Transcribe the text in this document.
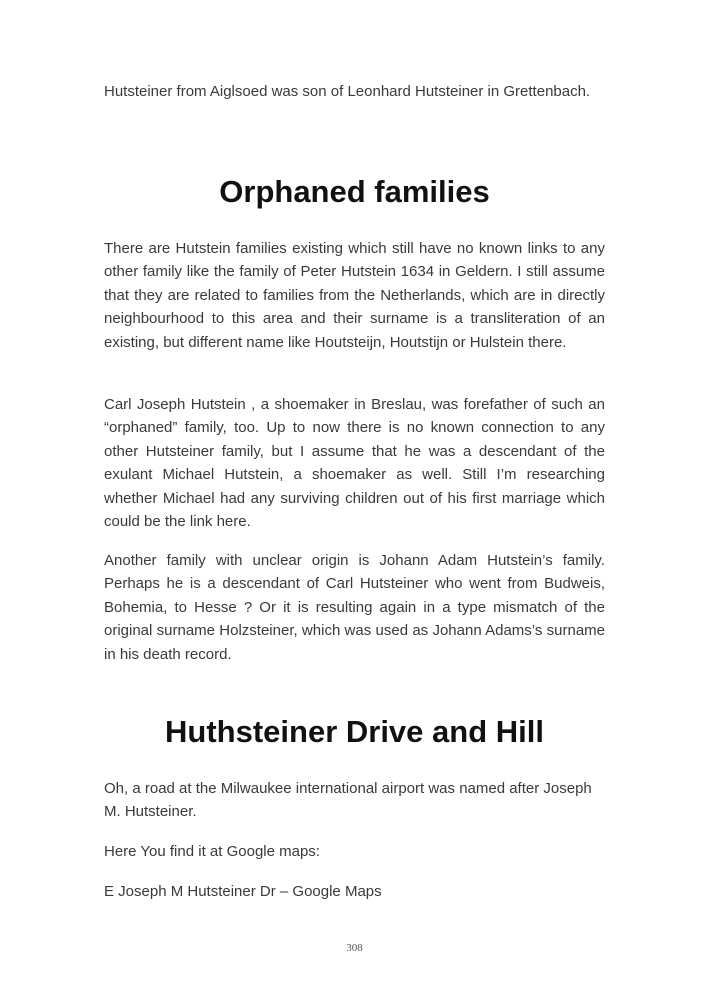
Hutsteiner from Aiglsoed was son of Leonhard Hutsteiner in Grettenbach.

Orphaned families

There are Hutstein families existing which still have no known links to any other family like the family of Peter Hutstein 1634 in Geldern. I still assume that they are related to families from the Netherlands, which are in directly neighbourhood to this area and their surname is a transliteration of an existing, but different name like Houtsteijn, Houtstijn or Hulstein there.

Carl Joseph Hutstein , a shoemaker in Breslau, was forefather of such an “orphaned” family, too. Up to now there is no known connection to any other Hutsteiner family, but I assume that he was a descendant of the exulant Michael Hutstein, a shoemaker as well. Still I’m researching whether Michael had any surviving children out of his first marriage which could be the link here.

Another family with unclear origin is Johann Adam Hutstein’s family. Perhaps he is a descendant of Carl Hutsteiner who went from Budweis, Bohemia, to Hesse ? Or it is resulting again in a type mismatch of the original surname Holzsteiner, which was used as Johann Adams’s surname in his death record.

Huthsteiner Drive and Hill

Oh, a road at the Milwaukee international airport was named after Joseph M. Hutsteiner.

Here You find it at Google maps:

E Joseph M Hutsteiner Dr – Google Maps

308
